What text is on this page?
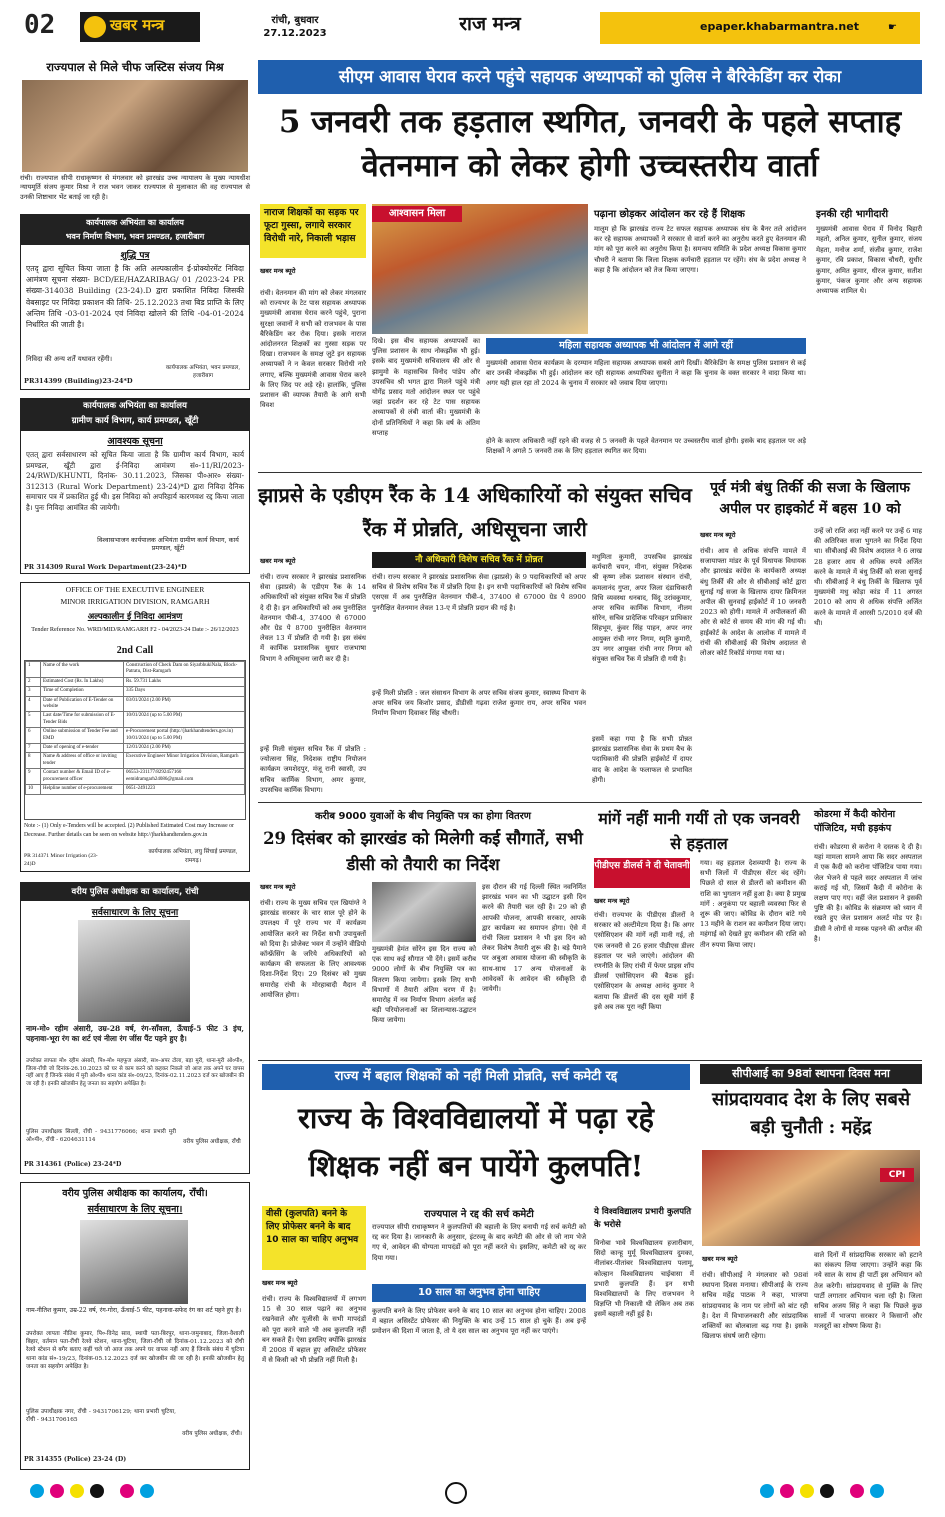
02	खबर मन्त्र	रांची, बुधवार
27.12.2023	राज मन्त्र	epaper.khabarmantra.net	☛
राज्यपाल से मिले चीफ जस्टिस संजय मिश्र
रांची। राज्यपाल सीपी राधाकृष्णन से मंगलवार को झारखंड उच्च न्यायालय के मुख्य न्यायधीश न्यायमूर्ति संजय कुमार मिश्रा ने राज भवन जाकर राज्यपाल से मुलाकात की वह राज्यपाल से उनकी शिष्टाचार भेंट बताई जा रही है।
कार्यपालक अभियंता का कार्यालय
भवन निर्माण विभाग, भवन प्रमण्डल, हजारीबाग
शुद्धि पत्र
एतद् द्वारा सूचित किया जाता है कि अति अल्पकालीन ई-प्रोक्योरमेंट निविदा आमंत्रण सूचना संख्या- BCD/EE/HAZARIBAG/ 01 /2023-24 PR संख्या-314038 Building (23-24).D द्वारा प्रकाशित निविदा जिसकी वेबसाइट पर निविदा प्रकाशन की तिथि- 25.12.2023 तथा बिड प्राप्ति के लिए अन्तिम तिथि -03-01-2024 एवं निविदा खोलने की तिथि -04-01-2024 निर्धारित की जाती है।
निविदा की अन्य शर्तें यथावत रहेंगी।
कार्यपालक अभियंता, भवन प्रमण्डल, हजारीबाग
PR314399 (Building)23-24*D
कार्यपालक अभियंता का कार्यालय
ग्रामीण कार्य विभाग, कार्य प्रमण्डल, खूँटी
आवश्यक सूचना
एतत् द्वारा सर्वसाधारण को सूचित किया जाता है कि ग्रामीण कार्य विभाग, कार्य प्रमण्डल, खूँटी द्वारा ई-निविदा आमंत्रण सं०-11/RI/2023-24/RWD/KHUNTI, दिनांक- 30.11.2023, जिसका पी०आर० संख्या- 312313 (Rural Work Department) 23-24)*D द्वारा निविदा दैनिक समाचार पत्र में प्रकाशित हुई थी। इस निविदा को अपरिहार्य कारणवश रद्द किया जाता है। पुनः निविदा आमंत्रित की जायेगी।
विश्वासभाजन कार्यपालक अभियंता ग्रामीण कार्य विभाग, कार्य प्रमण्डल, खूँटी
PR 314309 Rural Work Department(23-24)*D
OFFICE OF THE EXECUTIVE ENGINEER
MINOR IRRIGATION DIVISION, RAMGARH
अल्पकालीन ई निविदा आमंत्रण
Tender Reference No. WRD/MID/RAMGARH F2 - 04/2023-24 Date :- 26/12/2023
2nd Call
1	Name of the work	Construction of Check Dam on SiyarbhukiNala, Block-Patratu, Dist-Ramgarh
2	Estimated Cost (Rs. In Lakhs)	Rs. 59.731 Lakhs
3	Time of Completion	335 Days
4	Date of Publication of E-Tender on website	03/01/2024 (2.00 PM)
5	Last date/Time for submission of E-Tender Bids	10/01/2024 (up to 5.00 PM)
6	Online submission of Tender Fee and EMD	e-Procurement portal (http://jharkhandtenders.gov.in) 10/01/2024 (up to 5.00 PM)
7	Date of opening of e-tender	12/01/2024 (2.00 PM)
8	Name & address of office or inviting tender	Executive Engineer Minor Irrigation Division, Ramgarh
9	Contact number & Email ID of e-procurement officer	06553-231177/8292457160 eemidramgarh24086@gmail.com
10	Helpline number of e-procurement	0651-2491223
Note :- (1) Only e-Tenders will be accepted. (2) Published Estimated Cost may Increase or Decrease. Further details can be seen on website http://jharkhandtenders.gov.in
PR 314371 Minor Irrigation (23-24)D
कार्यपालक अभियंता, लघु सिंचाई प्रमण्डल, रामगढ़।
वरीय पुलिस अधीक्षक का कार्यालय, रांची
सर्वसाधारण के लिए सूचना
नाम-मो० रहीम अंसारी, उम्र-28 वर्ष, रंग-साँवला, ऊँचाई-5 फीट 3 इंच, पहनावा-भूरा रंग का शर्ट एवं नीला रंग जींस पैंट पहने हुए है।
उपरोक्त लापता मो० रहीम अंसारी, पि०-मो० महफूज अंसारी, सा०-अपर टोला, बड़ा मुरी, थाना-मुरी ओ०पी०, जिला-राँची जो दिनांक-26.10.2023 को घर से काम करने को कहकर निकले जो आज तक अपने घर वापस नहीं आए हैं जिनके संबंध में मुरी ओ०पी० थाना कांड सं०-09/23, दिनांक-02.11.2023 दर्ज कर खोजबीन की जा रही है। इनकी खोजबीन हेतु जनता का सहयोग अपेक्षित है।
पुलिस उपाधीक्षक सिल्ली, राँची - 9431776066; थाना प्रभारी मुरी ओ०पी०, राँची - 6204631114	वरीय पुलिस अधीक्षक, राँची
PR 314361 (Police) 23-24*D
वरीय पुलिस अधीक्षक का कार्यालय, राँची।
सर्वसाधारण के लिए सूचना।
नाम-नीतिश कुमार, उम्र-22 वर्ष, रंग-गोरा, ऊँचाई-5 फीट, पहनावा-सफेद रंग का शर्ट पहने हुए है।
उपरोक्त लापता नीतिश कुमार, पि०-विनेद्र साव, स्थायी पता-बिरपुर, थाना-जमुनाबाद, जिला-वैशाली बिहार, वर्तमान पता-रौंची रेलवे स्टेशन, थाना-चुटिया, जिला-राँची जो दिनांक-01.12.2023 को राँची रेलवे स्टेशन से बगैर बताए कहीं चले जो आज तक अपने घर वापस नहीं आए हैं जिनके संबंध में चुटिया थाना कांड सं०-19/23, दिनांक-05.12.2023 दर्ज कर खोजबीन की जा रही है। इनकी खोजबीन हेतु जनता का सहयोग अपेक्षित है।
पुलिस उपाधीक्षक नगर, राँची - 9431706129; थाना प्रभारी चुटिया, राँची - 9431706165
वरीय पुलिस अधीक्षक, राँची।
PR 314355 (Police) 23-24 (D)
सीएम आवास घेराव करने पहुंचे सहायक अध्यापकों को पुलिस ने बैरिकेडिंग कर रोका
5 जनवरी तक हड़ताल स्थगित, जनवरी के पहले सप्ताह वेतनमान को लेकर होगी उच्चस्तरीय वार्ता
नाराज शिक्षकों का सड़क पर फूटा गुस्सा, लगाये सरकार विरोधी नारे, निकाली भड़ास
खबर मन्त्र ब्यूरो
रांची। वेतनमान की मांग को लेकर मंगलवार को राज्यभर के टेट पास सहायक अध्यापक मुख्यमंत्री आवास घेराव करने पहुंचे, पुराना सुरक्षा जवानों ने सभी को राजभवन के पास बैरिकेडिंग कर रोक दिया। इसके नाराज आंदोलनरत शिक्षकों का गुस्सा सड़क पर दिखा। राजभवन के समक्ष जुटे इन सहायक अध्यापकों ने न केवल सरकार विरोधी नारे लगाए, बल्कि मुख्यमंत्री आवास घेराव करने के लिए जिद पर अड़े रहे। हालांकि, पुलिस प्रशासन की व्यापक तैयारी के आगे सभी विवश
आश्वासन मिला
दिखे। इस बीच सहायक अध्यापकों का पुलिस प्रशासन के साथ नोकझोंक भी हुई। इसके बाद मुख्यमंत्री सचिवालय की ओर से झामुमो के महासचिव विनोद पांडेय और उपसचिव श्री भगत द्वारा मिलने पहुंचे मंत्री योगेंद्र प्रसाद मतो आंदोलन स्थल पर पहुंचे जहां प्रदर्शन कर रहे टेट पास सहायक अध्यापकों से लंबी वार्ता की। मुख्यमंत्री के दोनों प्रतिनिधियों ने कहा कि वर्ष के अंतिम सप्ताह
पढ़ाना छोड़कर आंदोलन कर रहे हैं शिक्षक
मालूम हो कि झारखंड राज्य टेट सफल सहायक अध्यापक संघ के बैनर तले आंदोलन कर रहे सहायक अध्यापकों ने सरकार से वार्ता करने का अनुरोध करते हुए वेतनमान की मांग को पूरा करने का अनुरोध किया है। समन्वय समिति के प्रदेश अध्यक्ष विकास कुमार चौधरी ने बताया कि जिला शिक्षक कर्मचारी हड़ताल पर रहेंगे। संघ के प्रदेश अध्यक्ष ने कहा है कि आंदोलन को तेज किया जाएगा।
इनकी रही भागीदारी
मुख्यमंत्री आवास घेराव में विनोद बिहारी महतो, अनिल कुमार, सुनील कुमार, संजय मेहता, मनोज शर्मा, संजीव कुमार, राजेश कुमार, रवि प्रकाश, विकास चौधरी, सुधीर कुमार, अमित कुमार, धीरज कुमार, सतीश कुमार, पंकज कुमार और अन्य सहायक अध्यापक शामिल थे।
महिला सहायक अध्यापक भी आंदोलन में आगे रहीं
मुख्यमंत्री आवास घेराव कार्यक्रम के दरम्यान महिला सहायक अध्यापक सबसे आगे दिखीं। बैरिकेडिंग के समक्ष पुलिस प्रशासन से कई बार उनकी नोकझोंक भी हुई। आंदोलन कर रही सहायक अध्यापिका सुनीता ने कहा कि चुनाव के वक्त सरकार ने वादा किया था। अगर यही हाल रहा तो 2024 के चुनाव में सरकार को जवाब दिया जाएगा।
होने के कारण अधिकारी नहीं रहने की वजह से 5 जनवरी के पहले वेतनमान पर उच्चस्तरीय वार्ता होगी। इसके बाद हड़ताल पर अड़े शिक्षकों ने अगले 5 जनवरी तक के लिए हड़ताल स्थगित कर दिया।
झाप्रसे के एडीएम रैंक के 14 अधिकारियों को संयुक्त सचिव रैंक में प्रोन्नति, अधिसूचना जारी
खबर मन्त्र ब्यूरो
रांची। राज्य सरकार ने झारखंड प्रशासनिक सेवा (झाप्रसे) के एडीएम रैंक के 14 अधिकारियों को संयुक्त सचिव रैंक में प्रोन्नति दे दी है। इन अधिकारियों को अब पुनरीक्षित वेतनमान पीबी-4, 37400 से 67000 और ग्रेड पे 8700 पुनरीक्षित वेतनमान लेवल 13 में प्रोन्नति दी गयी है। इस संबंध में कार्मिक प्रशासनिक सुधार राजभाषा विभाग ने अधिसूचना जारी कर दी है।
इन्हें मिली संयुक्त सचिव रैंक में प्रोन्नति : ज्योत्सना सिंह, निदेशक राष्ट्रीय नियोजन कार्यक्रम जमशेदपुर, मंजू रानी स्वासी, उप सचिव कार्मिक विभाग, अमर कुमार, उपसचिव कार्मिक विभाग।
नौ अधिकारी विशेष सचिव रैंक में प्रोन्नत
रांची। राज्य सरकार ने झारखंड प्रशासनिक सेवा (झाप्रसे) के 9 पदाधिकारियों को अपर सचिव से विशेष सचिव रैंक में प्रोन्नति दिया है। इन सभी पदाधिकारियों को विशेष सचिव एसएस में अब पुनरीक्षित वेतनमान पीबी-4, 37400 से 67000 ग्रेड पे 8900 पुनरीक्षित वेतनमान लेवल 13-ए में प्रोन्नति प्रदान की गई है।
इन्हें मिली प्रोन्नति : जल संसाधन विभाग के अपर सचिव संजय कुमार, स्वास्थ्य विभाग के अपर सचिव जय किशोर प्रसाद, डीडीसी गढ़वा राजेश कुमार राय, अपर सचिव भवन निर्माण विभाग दिवाकर सिंह चौधरी।
मधुमिता कुमारी, उपसचिव झारखंड कर्मचारी चयन, मीना, संयुक्त निदेशक श्री कृष्ण लोक प्रशासन संस्थान रांची, कमलानंद गुप्ता, अपर जिला दंडाधिकारी विधि व्यवस्था धनबाद, विंदू उरांवकुमार, अपर सचिव कार्मिक विभाग, नीलम सोरेन, सचिव प्रादेशिक परिवहन प्राधिकार सिंहभूम, कुंवर सिंह पाहन, अपर नगर आयुक्त रांची नगर निगम, स्मृति कुमारी, उप नगर आयुक्त रांची नगर निगम को संयुक्त सचिव रैंक में प्रोन्नति दी गयी है।
इसमें कहा गया है कि सभी प्रोन्नत झारखंड प्रशासनिक सेवा के प्रथम बैच के पदाधिकारी की प्रोन्नति हाईकोर्ट में दायर वाद के आदेश के फलाफल से प्रभावित होगी।
पूर्व मंत्री बंधु तिर्की की सजा के खिलाफ अपील पर हाइकोर्ट में बहस 10 को
खबर मन्त्र ब्यूरो
रांची। आय से अधिक संपत्ति मामले में सजायाफ्ता मांडर के पूर्व विधायक विधायक और झारखंड कांग्रेस के कार्यकारी अध्यक्ष बंधु तिर्की की ओर से सीबीआई कोर्ट द्वारा सुनाई गई सजा के खिलाफ दायर क्रिमिनल अपील की सुनवाई हाईकोर्ट में 10 जनवरी 2023 को होगी। मामले में अपीलकर्ता की ओर से कोर्ट से समय की मांग की गई थी। हाईकोर्ट के आदेश के आलोक में मामले में रांची की सीबीआई की विशेष अदालत से लोअर कोर्ट रिकॉर्ड मंगाया गया था।
उन्हें जो राशि अदा नहीं करने पर उन्हें 6 माह की अतिरिक्त सजा भुगतने का निर्देश दिया था। सीबीआई की विशेष अदालत ने 6 लाख 28 हजार आय से अधिक रुपये अर्जित करने के मामले में बंधु तिर्की को सजा सुनाई थी। सीबीआई ने बंधु तिर्की के खिलाफ पूर्व मुख्यमंत्री मधु कोड़ा कांड में 11 अगस्त 2010 को आय से अधिक संपत्ति अर्जित करने के मामले में आरसी 5/2010 दर्ज की थी।
करीब 9000 युवाओं के बीच नियुक्ति पत्र का होगा वितरण
29 दिसंबर को झारखंड को मिलेगी कई सौगातें, सभी डीसी को तैयारी का निर्देश
खबर मन्त्र ब्यूरो
रांची। राज्य के मुख्य सचिव एल खियांग्ते ने झारखंड सरकार के चार साल पूरे होने के उपलक्ष्य में पूरे राज्य भर में कार्यक्रम आयोजित करने का निर्देश सभी उपायुक्तों को दिया है। प्रोजेक्ट भवन में उन्होंने वीडियो कॉन्फ्रेंसिंग के जरिये अधिकारियों को कार्यक्रम की सफलता के लिए आवश्यक दिशा-निर्देश दिए। 29 दिसंबर को मुख्य समारोह रांची के मोरहाबादी मैदान में आयोजित होगा।
मुख्यमंत्री हेमंत सोरेन इस दिन राज्य को एक साथ कई सौगात भी देंगे। इसमें करीब 9000 लोगों के बीच नियुक्ति पत्र का वितरण किया जायेगा। इसके लिए सभी विभागों में तैयारी अंतिम चरण में है। समारोह में नव निर्माण विभाग अंतर्गत कई बड़ी परियोजनाओं का शिलान्यास-उद्घाटन किया जायेगा।
इस दौरान की गई दिल्ली स्थित नवनिर्मित झारखंड भवन का भी उद्घाटन इसी दिन करने की तैयारी चल रही है। 29 को ही आपकी योजना, आपकी सरकार, आपके द्वार कार्यक्रम का समापन होगा। ऐसे में रांची जिला प्रशासन ने भी इस दिन को लेकर विशेष तैयारी शुरू की है। बड़े पैमाने पर अबुआ आवास योजना की स्वीकृति के साथ-साथ 17 अन्य योजनाओं के आवेदकों के आवेदन की स्वीकृति दी जायेगी।
मांगें नहीं मानी गयीं तो एक जनवरी से हड़ताल
पीडीएस डीलर्स ने दी चेतावनी
खबर मन्त्र ब्यूरो
रांची। राज्यभर के पीडीएस डीलरों ने सरकार को अल्टीमेटम दिया है। कि अगर एसोसिएशन की मांगें नहीं मानी गई, तो एक जनवरी से 26 हजार पीडीएस डीलर हड़ताल पर चले जाएंगे। आंदोलन की रणनीति के लिए रांची में फेयर प्राइस शॉप डीलर्स एसोसिएशन की बैठक हुई। एसोसिएशन के अध्यक्ष आनंद कुमार ने बताया कि डीलरों की दस सूत्री मांगें हैं इसे अब तक पूरा नहीं किया
गया। वह हड़ताल देशव्यापी है। राज्य के सभी जिलों में पीडीएस सेंटर बंद रहेंगे। पिछले दो साल से डीलरों को कमीशन की राशि का भुगतान नहीं हुआ है। क्या है प्रमुख मांगें : अनुकंपा पर बहाली व्यवस्था फिर से शुरू की जाए। कोविड के दौरान बांटे गये 13 महीने के राशन का कमीशन दिया जाए। महंगाई को देखते हुए कमीशन की राशि को तीन रुपया किया जाए।
कोडरमा में कैदी कोरोना पॉजिटिव, मची हड़कंप
रांची। कोडरमा से करोना ने दस्तक दे दी है। यहां मामला सामने आया कि सदर अस्पताल में एक कैदी को करोना पॉजिटिव पाया गया। जेल भेजने से पहले सदर अस्पताल में जांच कराई गई थी, जिसमें कैदी में कोरोना के लक्षण पाए गए। वहीं जेल प्रशासन ने इसकी पुष्टि की है। कोविड के संक्रमण को ध्यान में रखते हुए जेल प्रशासन अलर्ट मोड पर है। डीसी ने लोगों से मास्क पहनने की अपील की है।
राज्य में बहाल शिक्षकों को नहीं मिली प्रोन्नति, सर्च कमेटी रद्द
राज्य के विश्वविद्यालयों में पढ़ा रहे शिक्षक नहीं बन पायेंगे कुलपति!
वीसी (कुलपति) बनने के लिए प्रोफेसर बनने के बाद 10 साल का चाहिए अनुभव
खबर मन्त्र ब्यूरो
रांची। राज्य के विश्वविद्यालयों में लगभग 15 से 30 साल पढ़ाने का अनुभव रखनेवाले और यूजीसी के सभी मापदंडों को पूरा करने वाले भी अब कुलपति नहीं बन सकते हैं। ऐसा इसलिए क्योंकि झारखंड में 2008 में बहाल हुए असिस्टेंट प्रोफेसर में से किसी को भी प्रोन्नति नहीं मिली है।
राज्यपाल ने रद्द की सर्च कमेटी
राज्यपाल सीपी राधाकृष्णन ने कुलपतियों की बहाली के लिए बनायी गई सर्च कमेटी को रद्द कर दिया है। जानकारी के अनुसार, इंटरव्यू के बाद कमेटी की ओर से जो नाम भेजे गए थे, आवेदन की योग्यता मापदंडों को पूरा नहीं करते थे। इसलिए, कमेटी को रद्द कर दिया गया।
10 साल का अनुभव होना चाहिए
कुलपति बनने के लिए प्रोफेसर बनने के बाद 10 साल का अनुभव होना चाहिए। 2008 में बहाल असिस्टेंट प्रोफेसर की नियुक्ति के बाद उन्हें 15 साल हो चुके हैं। अब इन्हें प्रमोशन की दिशा में जाता है, तो ये दस साल का अनुभव पूरा नहीं कर पाएंगे।
ये विश्वविद्यालय प्रभारी कुलपति के भरोसे
विनोबा भावे विश्वविद्यालय हजारीबाग, सिदो कान्हू मुर्मू विश्वविद्यालय दुमका, नीलांबर-पीतांबर विश्वविद्यालय पलामू, कोल्हान विश्वविद्यालय चाईबासा में प्रभारी कुलपति हैं। इन सभी विश्वविद्यालयों के लिए राजभवन ने विज्ञप्ति भी निकाली थी लेकिन अब तक इसमें बहाली नहीं हुई है।
सीपीआई का 98वां स्थापना दिवस मना
सांप्रदायवाद देश के लिए सबसे बड़ी चुनौती : महेंद्र
CPI
खबर मन्त्र ब्यूरो
रांची। सीपीआई ने मंगलवार को 98वां स्थापना दिवस मनाया। सीपीआई के राज्य सचिव महेंद्र पाठक ने कहा, भाजपा सांप्रदायवाद के नाम पर लोगों को बांट रही है। देश में विभाजनकारी और सांप्रदायिक शक्तियों का बोलबाला बढ़ गया है। इसके खिलाफ संघर्ष जारी रहेगा।
वाले दिनों में सांप्रदायिक सरकार को हटाने का संकल्प लिया जाएगा। उन्होंने कहा कि नये साल के साथ ही पार्टी इस अभियान को तेज करेगी। सांप्रदायवाद से मुक्ति के लिए पार्टी लगातार अभियान चला रही है। जिला सचिव अजय सिंह ने कहा कि पिछले कुछ सालों में भाजपा सरकार ने किसानों और मजदूरों का शोषण किया है।
